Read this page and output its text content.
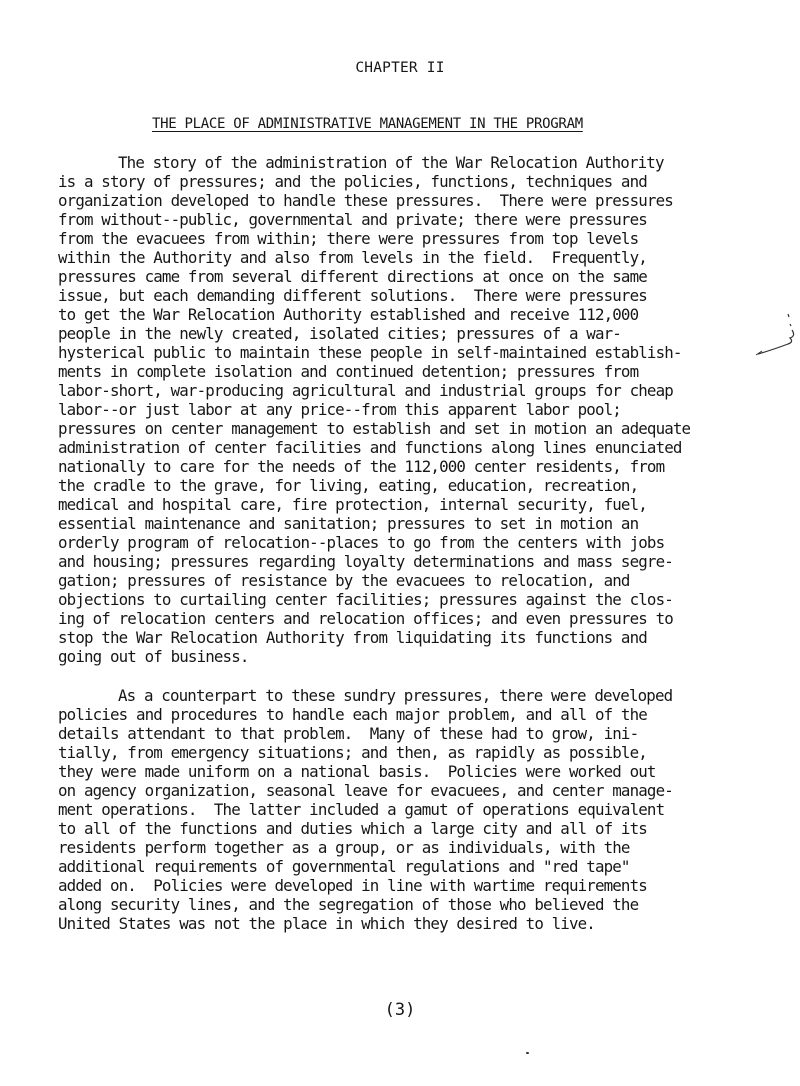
CHAPTER II
THE PLACE OF ADMINISTRATIVE MANAGEMENT IN THE PROGRAM
The story of the administration of the War Relocation Authority
is a story of pressures; and the policies, functions, techniques and
organization developed to handle these pressures.  There were pressures
from without--public, governmental and private; there were pressures
from the evacuees from within; there were pressures from top levels
within the Authority and also from levels in the field.  Frequently,
pressures came from several different directions at once on the same
issue, but each demanding different solutions.  There were pressures
to get the War Relocation Authority established and receive 112,000
people in the newly created, isolated cities; pressures of a war-
hysterical public to maintain these people in self-maintained establish-
ments in complete isolation and continued detention; pressures from
labor-short, war-producing agricultural and industrial groups for cheap
labor--or just labor at any price--from this apparent labor pool;
pressures on center management to establish and set in motion an adequate
administration of center facilities and functions along lines enunciated
nationally to care for the needs of the 112,000 center residents, from
the cradle to the grave, for living, eating, education, recreation,
medical and hospital care, fire protection, internal security, fuel,
essential maintenance and sanitation; pressures to set in motion an
orderly program of relocation--places to go from the centers with jobs
and housing; pressures regarding loyalty determinations and mass segre-
gation; pressures of resistance by the evacuees to relocation, and
objections to curtailing center facilities; pressures against the clos-
ing of relocation centers and relocation offices; and even pressures to
stop the War Relocation Authority from liquidating its functions and
going out of business.
As a counterpart to these sundry pressures, there were developed
policies and procedures to handle each major problem, and all of the
details attendant to that problem.  Many of these had to grow, ini-
tially, from emergency situations; and then, as rapidly as possible,
they were made uniform on a national basis.  Policies were worked out
on agency organization, seasonal leave for evacuees, and center manage-
ment operations.  The latter included a gamut of operations equivalent
to all of the functions and duties which a large city and all of its
residents perform together as a group, or as individuals, with the
additional requirements of governmental regulations and "red tape"
added on.  Policies were developed in line with wartime requirements
along security lines, and the segregation of those who believed the
United States was not the place in which they desired to live.
(3)
